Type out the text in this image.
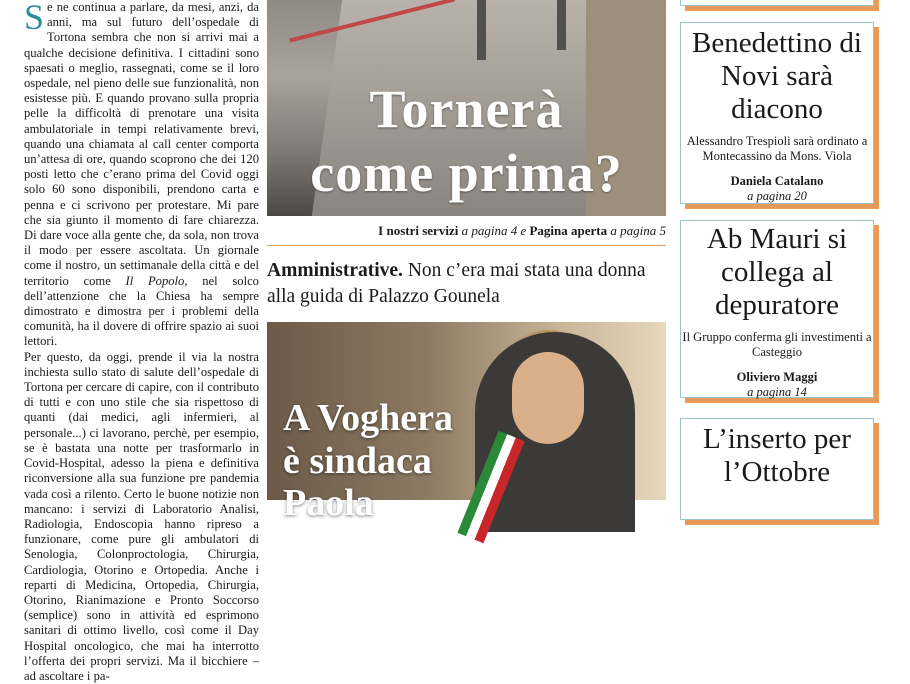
Se ne continua a parlare, da mesi, anzi, da anni, ma sul futuro dell’ospedale di Tortona sembra che non si arrivi mai a qualche decisione definitiva. I cittadini sono spaesati o meglio, rassegnati, come se il loro ospedale, nel pieno delle sue funzionalità, non esistesse più. E quando provano sulla propria pelle la difficoltà di prenotare una visita ambulatoriale in tempi relativamente brevi, quando una chiamata al call center comporta un’attesa di ore, quando scoprono che dei 120 posti letto che c’erano prima del Covid oggi solo 60 sono disponibili, prendono carta e penna e ci scrivono per protestare. Mi pare che sia giunto il momento di fare chiarezza. Di dare voce alla gente che, da sola, non trova il modo per essere ascoltata. Un giornale come il nostro, un settimanale della città e del territorio come Il Popolo, nel solco dell’attenzione che la Chiesa ha sempre dimostrato e dimostra per i problemi della comunità, ha il dovere di offrire spazio ai suoi lettori.

Per questo, da oggi, prende il via la nostra inchiesta sullo stato di salute dell’ospedale di Tortona per cercare di capire, con il contributo di tutti e con uno stile che sia rispettoso di quanti (dai medici, agli infermieri, al personale...) ci lavorano, perchè, per esempio, se è bastata una notte per trasformarlo in Covid-Hospital, adesso la piena e definitiva riconversione alla sua funzione pre pandemia vada così a rilento. Certo le buone notizie non mancano: i servizi di Laboratorio Analisi, Radiologia, Endoscopia hanno ripreso a funzionare, come pure gli ambulatori di Senologia, Colonproctologia, Chirurgia, Cardiologia, Otorino e Ortopedia. Anche i reparti di Medicina, Ortopedia, Chirurgia, Otorino, Rianimazione e Pronto Soccorso (semplice) sono in attività ed esprimono sanitari di ottimo livello, così come il Day Hospital oncologico, che mai ha interrotto l’offerta dei propri servizi. Ma il bicchiere – ad ascoltare i pa-

Tornerà
come prima?
I nostri servizi a pagina 4 e Pagina aperta a pagina 5
Amministrative. Non c’era mai stata una donna alla guida di Palazzo Gounela
A Voghera
è sindaca
Paola
Benedettino di Novi sarà diacono
Alessandro Trespioli sarà ordinato a Montecassino da Mons. Viola
Daniela Catalano
a pagina 20
Ab Mauri si collega al depuratore
Il Gruppo conferma gli investimenti a Casteggio
Oliviero Maggi
a pagina 14
L’inserto per l’Ottobre
